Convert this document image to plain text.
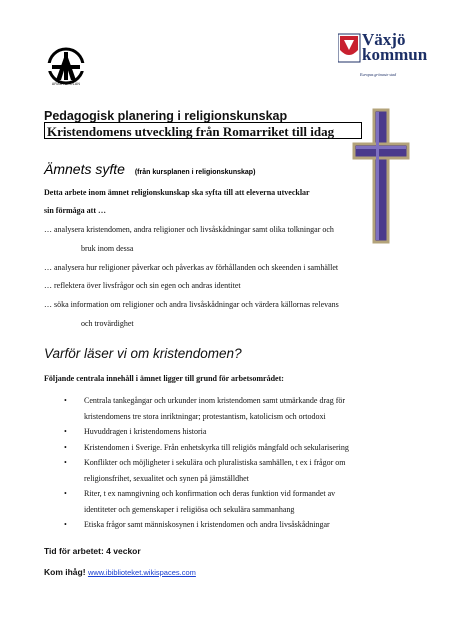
ARABYSKOLAN
Växjö
kommun
Europas grönaste stad
Pedagogisk planering i religionskunskap
Kristendomens utveckling från Romarriket till idag
Ämnets syfte (från kursplanen i religionskunskap)
Detta arbete inom ämnet religionskunskap ska syfta till att eleverna utvecklar
sin förmåga att …
… analysera kristendomen, andra religioner och livsåskådningar samt olika tolkningar och
bruk inom dessa
… analysera hur religioner påverkar och påverkas av förhållanden och skeenden i samhället
… reflektera över livsfrågor och sin egen och andras identitet
… söka information om religioner och andra livsåskådningar och värdera källornas relevans
och trovärdighet
Varför läser vi om kristendomen?
Följande centrala innehåll i ämnet ligger till grund för arbetsområdet:
• Centrala tankegångar och urkunder inom kristendomen samt utmärkande drag för
kristendomens tre stora inriktningar; protestantism, katolicism och ortodoxi
• Huvuddragen i kristendomens historia
• Kristendomen i Sverige. Från enhetskyrka till religiös mångfald och sekularisering
• Konflikter och möjligheter i sekulära och pluralistiska samhällen, t ex i frågor om
religionsfrihet, sexualitet och synen på jämställdhet
• Riter, t ex namngivning och konfirmation och deras funktion vid formandet av
identiteter och gemenskaper i religiösa och sekulära sammanhang
• Etiska frågor samt människosynen i kristendomen och andra livsåskådningar
Tid för arbetet: 4 veckor
Kom ihåg! www.ibiblioteket.wikispaces.com
